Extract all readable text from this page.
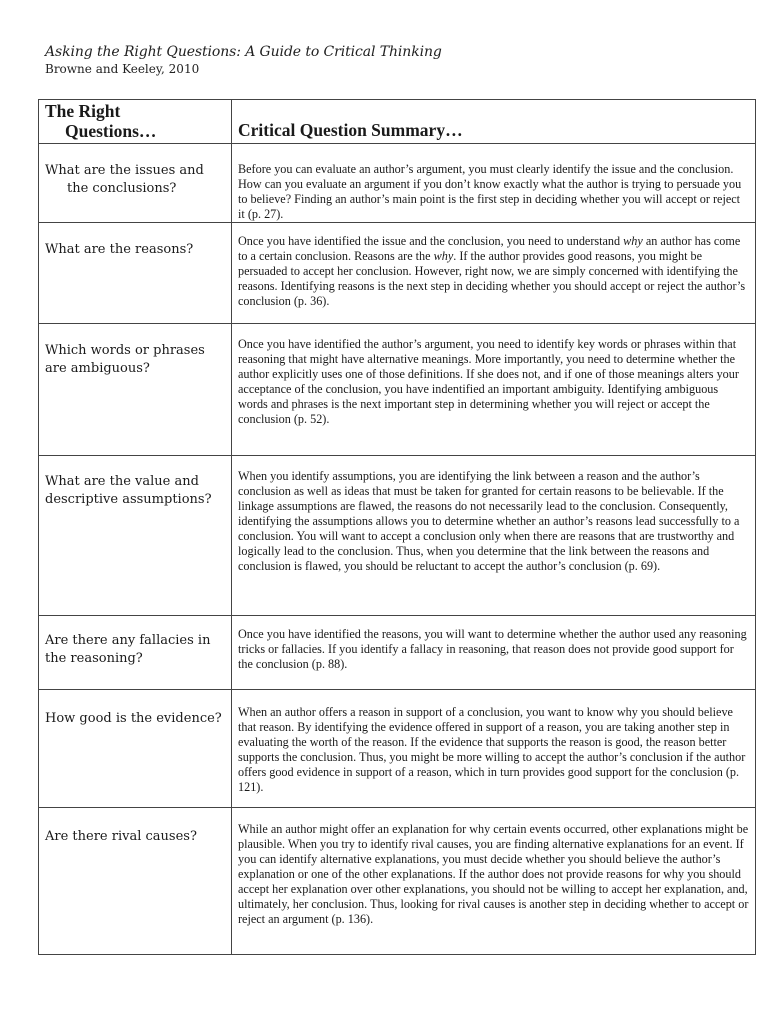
Asking the Right Questions: A Guide to Critical Thinking
Browne and Keeley, 2010
The Right
Questions…	Critical Question Summary…
What are the issues and
the conclusions?	Before you can evaluate an author’s argument, you must clearly identify the issue and the conclusion. How can you evaluate an argument if you don’t know exactly what the author is trying to persuade you to believe? Finding an author’s main point is the first step in deciding whether you will accept or reject it (p. 27).
What are the reasons?	Once you have identified the issue and the conclusion, you need to understand why an author has come to a certain conclusion. Reasons are the why. If the author provides good reasons, you might be persuaded to accept her conclusion. However, right now, we are simply concerned with identifying the reasons. Identifying reasons is the next step in deciding whether you should accept or reject the author’s conclusion (p. 36).
Which words or phrases are ambiguous?	Once you have identified the author’s argument, you need to identify key words or phrases within that reasoning that might have alternative meanings. More importantly, you need to determine whether the author explicitly uses one of those definitions. If she does not, and if one of those meanings alters your acceptance of the conclusion, you have indentified an important ambiguity. Identifying ambiguous words and phrases is the next important step in determining whether you will reject or accept the conclusion (p. 52).
What are the value and descriptive assumptions?	When you identify assumptions, you are identifying the link between a reason and the author’s conclusion as well as ideas that must be taken for granted for certain reasons to be believable. If the linkage assumptions are flawed, the reasons do not necessarily lead to the conclusion. Consequently, identifying the assumptions allows you to determine whether an author’s reasons lead successfully to a conclusion. You will want to accept a conclusion only when there are reasons that are trustworthy and logically lead to the conclusion. Thus, when you determine that the link between the reasons and conclusion is flawed, you should be reluctant to accept the author’s conclusion (p. 69).
Are there any fallacies in the reasoning?	Once you have identified the reasons, you will want to determine whether the author used any reasoning tricks or fallacies. If you identify a fallacy in reasoning, that reason does not provide good support for the conclusion (p. 88).
How good is the evidence?	When an author offers a reason in support of a conclusion, you want to know why you should believe that reason. By identifying the evidence offered in support of a reason, you are taking another step in evaluating the worth of the reason. If the evidence that supports the reason is good, the reason better supports the conclusion. Thus, you might be more willing to accept the author’s conclusion if the author offers good evidence in support of a reason, which in turn provides good support for the conclusion (p. 121).
Are there rival causes?	While an author might offer an explanation for why certain events occurred, other explanations might be plausible. When you try to identify rival causes, you are finding alternative explanations for an event. If you can identify alternative explanations, you must decide whether you should believe the author’s explanation or one of the other explanations. If the author does not provide reasons for why you should accept her explanation over other explanations, you should not be willing to accept her explanation, and, ultimately, her conclusion. Thus, looking for rival causes is another step in deciding whether to accept or reject an argument (p. 136).
